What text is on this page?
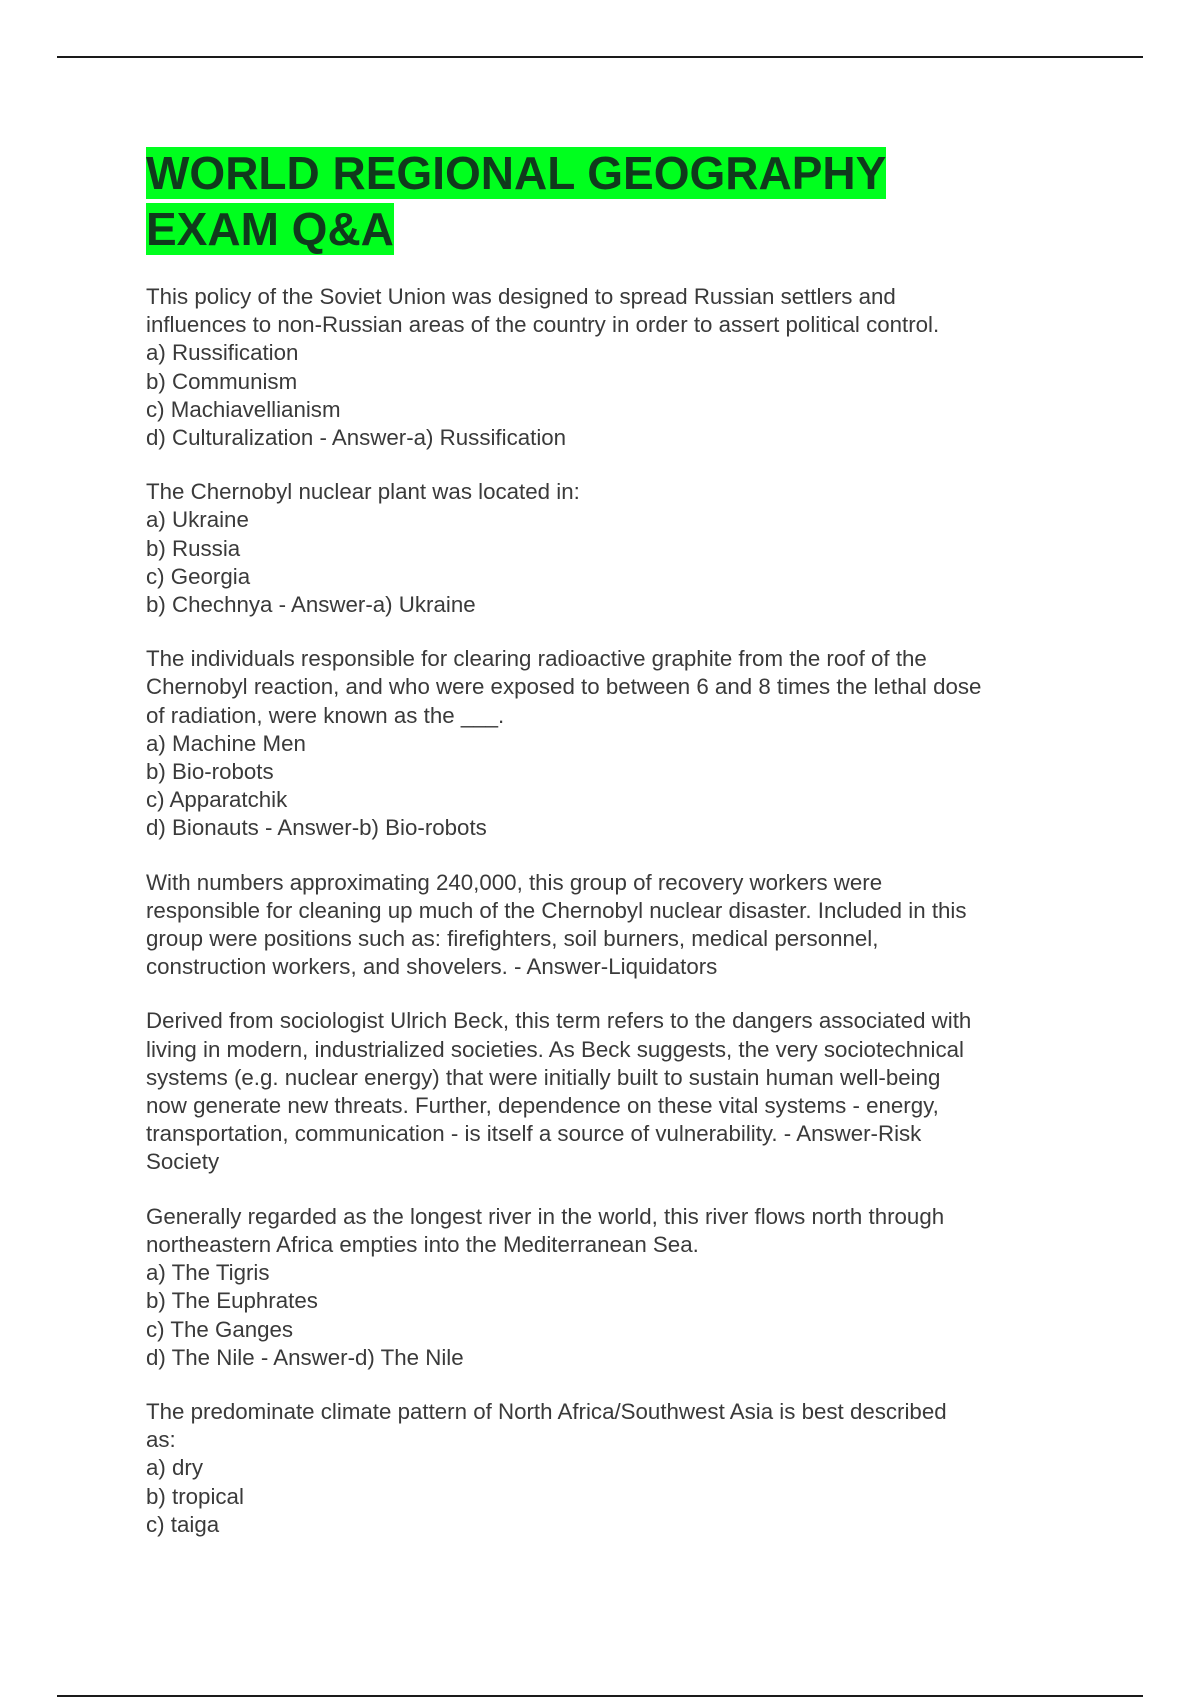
WORLD REGIONAL GEOGRAPHY
EXAM Q&A
This policy of the Soviet Union was designed to spread Russian settlers and
influences to non-Russian areas of the country in order to assert political control.
a) Russification
b) Communism
c) Machiavellianism
d) Culturalization - Answer-a) Russification
The Chernobyl nuclear plant was located in:
a) Ukraine
b) Russia
c) Georgia
b) Chechnya - Answer-a) Ukraine
The individuals responsible for clearing radioactive graphite from the roof of the
Chernobyl reaction, and who were exposed to between 6 and 8 times the lethal dose
of radiation, were known as the ___.
a) Machine Men
b) Bio-robots
c) Apparatchik
d) Bionauts - Answer-b) Bio-robots
With numbers approximating 240,000, this group of recovery workers were
responsible for cleaning up much of the Chernobyl nuclear disaster. Included in this
group were positions such as: firefighters, soil burners, medical personnel,
construction workers, and shovelers. - Answer-Liquidators
Derived from sociologist Ulrich Beck, this term refers to the dangers associated with
living in modern, industrialized societies. As Beck suggests, the very sociotechnical
systems (e.g. nuclear energy) that were initially built to sustain human well-being
now generate new threats. Further, dependence on these vital systems - energy,
transportation, communication - is itself a source of vulnerability. - Answer-Risk
Society
Generally regarded as the longest river in the world, this river flows north through
northeastern Africa empties into the Mediterranean Sea.
a) The Tigris
b) The Euphrates
c) The Ganges
d) The Nile - Answer-d) The Nile
The predominate climate pattern of North Africa/Southwest Asia is best described
as:
a) dry
b) tropical
c) taiga
